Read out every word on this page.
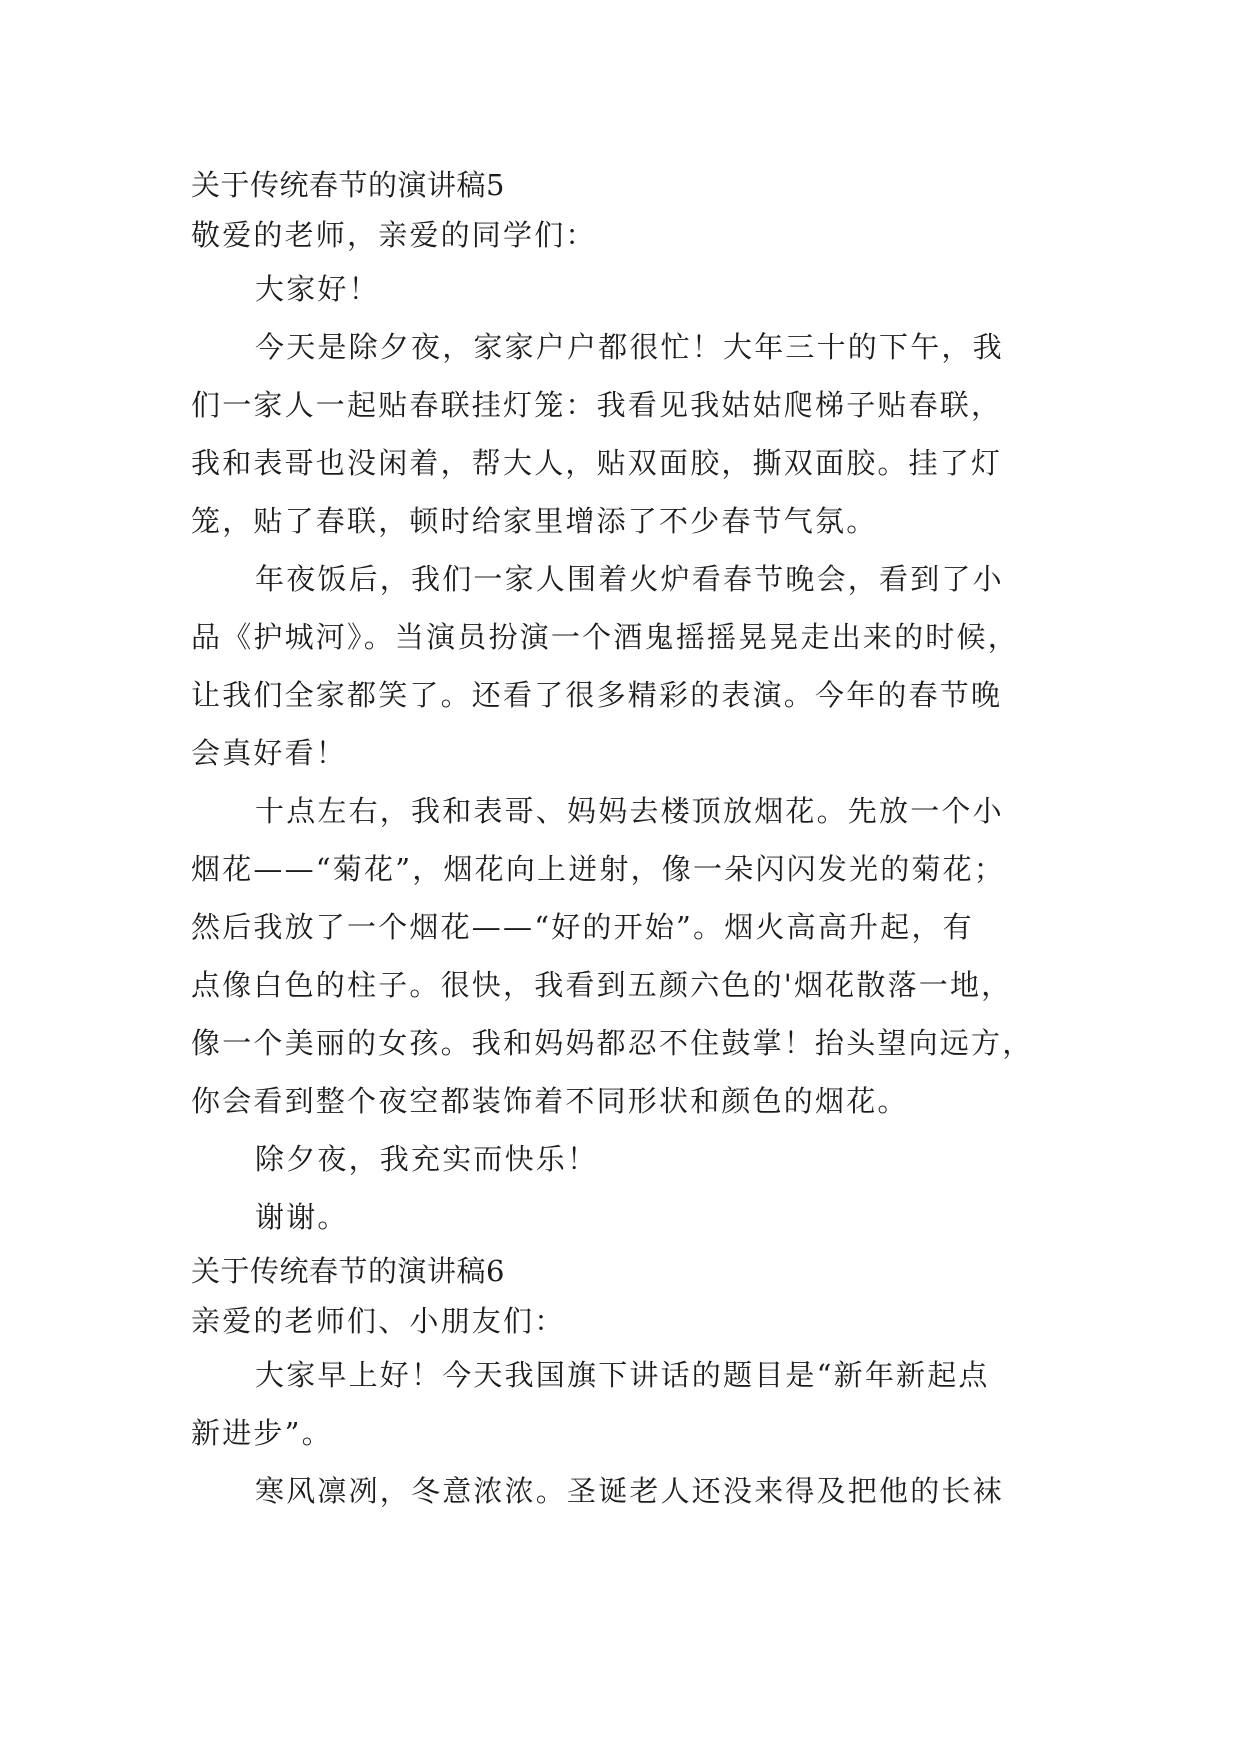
关于传统春节的演讲稿5
敬爱的老师，亲爱的同学们：
大家好！
今天是除夕夜，家家户户都很忙！大年三十的下午，我
们一家人一起贴春联挂灯笼：我看见我姑姑爬梯子贴春联，
我和表哥也没闲着，帮大人，贴双面胶，撕双面胶。挂了灯
笼，贴了春联，顿时给家里增添了不少春节气氛。
年夜饭后，我们一家人围着火炉看春节晚会，看到了小
品《护城河》。当演员扮演一个酒鬼摇摇晃晃走出来的时候，
让我们全家都笑了。还看了很多精彩的表演。今年的春节晚
会真好看！
十点左右，我和表哥、妈妈去楼顶放烟花。先放一个小
烟花——“菊花”，烟花向上迸射，像一朵闪闪发光的菊花；
然后我放了一个烟花——“好的开始”。烟火高高升起，有
点像白色的柱子。很快，我看到五颜六色的'烟花散落一地，
像一个美丽的女孩。我和妈妈都忍不住鼓掌！抬头望向远方，
你会看到整个夜空都装饰着不同形状和颜色的烟花。
除夕夜，我充实而快乐！
谢谢。
关于传统春节的演讲稿6
亲爱的老师们、小朋友们：
大家早上好！今天我国旗下讲话的题目是“新年新起点
新进步”。
寒风凛冽，冬意浓浓。圣诞老人还没来得及把他的长袜
